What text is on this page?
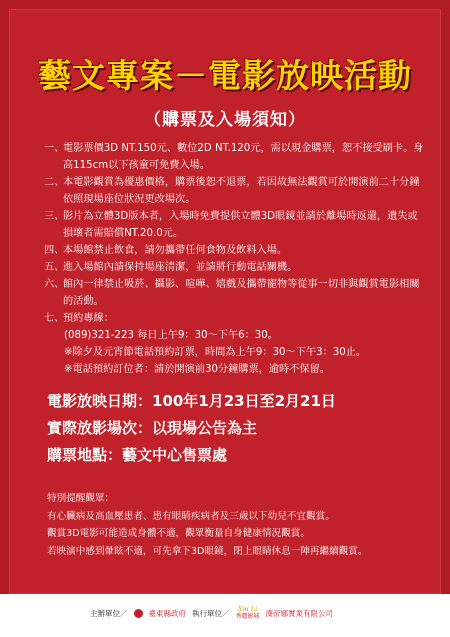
藝文專案－電影放映活動
（購票及入場須知）
一、
電影票價3D NT.150元、數位2D NT.120元，需以現金購票，恕不接受刷卡。身高115cm以下孩童可免費入場。
二、
本電影觀賞為優惠價格，購票後恕不退票，若因故無法觀賞可於開演前二十分鐘依照現場座位狀況更改場次。
三、
影片為立體3D版本者，入場時免費提供立體3D眼鏡並請於離場時返還，遺失或損壞者需賠償NT.20.0元。
四、
本場館禁止飲食，請勿攜帶任何食物及飲料入場。
五、
進入場館內請保持場座清潔，並請將行動電話關機。
六、
館內一律禁止吸菸、攝影、喧嘩、嬉戲及攜帶寵物等從事一切非與觀賞電影相關的活動。
七、
預約專線：
(089)321-223 每日上午9：30～下午6：30。
※除夕及元宵節電話預約訂票，時間為上午9：30～下午3：30止。
※電話預約訂位者：請於開演前30分鐘購票，逾時不保留。
電影放映日期：100年1月23日至2月21日
實際放影場次：以現場公告為主
購票地點：藝文中心售票處
特別提醒觀眾：
有心臟病及高血壓患者、患有眼睛疾病者及三歲以下幼兒不宜觀賞。
觀賞3D電影可能造成身體不適，觀眾衡量自身健康情況觀賞。
若映演中感到暈眩不適，可先拿下3D眼鏡，閉上眼睛休息一陣再繼續觀賞。
主辦單位／	臺東縣政府 執行單位／ Xiu Li
秀麗影城 漢帝娜實業有限公司
